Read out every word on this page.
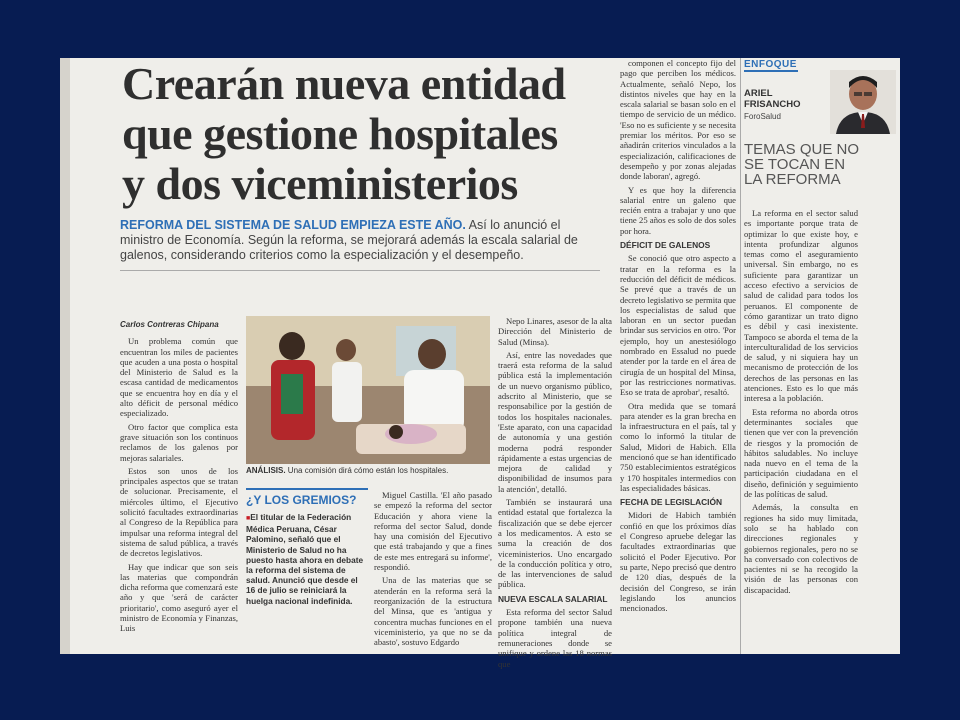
Crearán nueva entidad
que gestione hospitales
y dos viceministerios
REFORMA DEL SISTEMA DE SALUD EMPIEZA ESTE AÑO. Así lo anunció el ministro de Economía. Según la reforma, se mejorará además la escala salarial de galenos, considerando criterios como la especialización y el desempeño.
Carlos Contreras Chipana

Un problema común que encuentran los miles de pacientes que acuden a una posta o hospital del Ministerio de Salud es la escasa cantidad de medicamentos que se encuentra hoy en día y el alto déficit de personal médico especializado.

Otro factor que complica esta grave situación son los continuos reclamos de los galenos por mejoras salariales.

Estos son unos de los principales aspectos que se tratan de solucionar. Precisamente, el miércoles último, el Ejecutivo solicitó facultades extraordinarias al Congreso de la República para impulsar una reforma integral del sistema de salud pública, a través de decretos legislativos.

Hay que indicar que son seis las materias que compondrán dicha reforma que comenzará este año y que 'será de carácter prioritario', como aseguró ayer el ministro de Economía y Finanzas, Luis

ANÁLISIS. Una comisión dirá cómo están los hospitales.
¿Y LOS GREMIOS?
■ El titular de la Federación Médica Peruana, César Palomino, señaló que el Ministerio de Salud no ha puesto hasta ahora en debate la reforma del sistema de salud. Anunció que desde el 16 de julio se reiniciará la huelga nacional indefinida.

Miguel Castilla. 'El año pasado se empezó la reforma del sector Educación y ahora viene la reforma del sector Salud, donde hay una comisión del Ejecutivo que está trabajando y que a fines de este mes entregará su informe', respondió.

Una de las materias que se atenderán en la reforma será la reorganización de la estructura del Minsa, que es 'antigua y concentra muchas funciones en el viceministerio, ya que no se da abasto', sostuvo Edgardo

Nepo Linares, asesor de la alta Dirección del Ministerio de Salud (Minsa).

Así, entre las novedades que traerá esta reforma de la salud pública está la implementación de un nuevo organismo público, adscrito al Ministerio, que se responsabilice por la gestión de todos los hospitales nacionales. 'Este aparato, con una capacidad de autonomía y una gestión moderna podrá responder rápidamente a estas urgencias de mejora de calidad y disponibilidad de insumos para la atención', detalló.

También se instaurará una entidad estatal que fortalezca la fiscalización que se debe ejercer a los medicamentos. A esto se suma la creación de dos viceministerios. Uno encargado de la conducción política y otro, de las intervenciones de salud pública.

NUEVA ESCALA SALARIAL

Esta reforma del sector Salud propone también una nueva política integral de remuneraciones donde se unifique y ordene las 18 normas que

componen el concepto fijo del pago que perciben los médicos. Actualmente, señaló Nepo, los distintos niveles que hay en la escala salarial se basan solo en el tiempo de servicio de un médico. 'Eso no es suficiente y se necesita premiar los méritos. Por eso se añadirán criterios vinculados a la especialización, calificaciones de desempeño y por zonas alejadas donde laboran', agregó.

Y es que hoy la diferencia salarial entre un galeno que recién entra a trabajar y uno que tiene 25 años es solo de dos soles por hora.

DÉFICIT DE GALENOS

Se conoció que otro aspecto a tratar en la reforma es la reducción del déficit de médicos. Se prevé que a través de un decreto legislativo se permita que los especialistas de salud que laboran en un sector puedan brindar sus servicios en otro. 'Por ejemplo, hoy un anestesiólogo nombrado en Essalud no puede atender por la tarde en el área de cirugía de un hospital del Minsa, por las restricciones normativas. Eso se trata de aprobar', resaltó.

Otra medida que se tomará para atender es la gran brecha en la infraestructura en el país, tal y como lo informó la titular de Salud, Midori de Habich. Ella mencionó que se han identificado 750 establecimientos estratégicos y 170 hospitales intermedios con las especialidades básicas.

FECHA DE LEGISLACIÓN

Midori de Habich también confió en que los próximos días el Congreso apruebe delegar las facultades extraordinarias que solicitó el Poder Ejecutivo. Por su parte, Nepo precisó que dentro de 120 días, después de la decisión del Congreso, se irán legislando los anuncios mencionados.

ENFOQUE
ARIEL
FRISANCHO
ForoSalud
TEMAS QUE NO SE TOCAN EN LA REFORMA

La reforma en el sector salud es importante porque trata de optimizar lo que existe hoy, e intenta profundizar algunos temas como el aseguramiento universal. Sin embargo, no es suficiente para garantizar un acceso efectivo a servicios de salud de calidad para todos los peruanos. El componente de cómo garantizar un trato digno es débil y casi inexistente. Tampoco se aborda el tema de la interculturalidad de los servicios de salud, y ni siquiera hay un mecanismo de protección de los derechos de las personas en las atenciones. Esto es lo que más interesa a la población.

Esta reforma no aborda otros determinantes sociales que tienen que ver con la prevención de riesgos y la promoción de hábitos saludables. No incluye nada nuevo en el tema de la participación ciudadana en el diseño, definición y seguimiento de las políticas de salud.

Además, la consulta en regiones ha sido muy limitada, solo se ha hablado con direcciones regionales y gobiernos regionales, pero no se ha conversado con colectivos de pacientes ni se ha recogido la visión de las personas con discapacidad.
